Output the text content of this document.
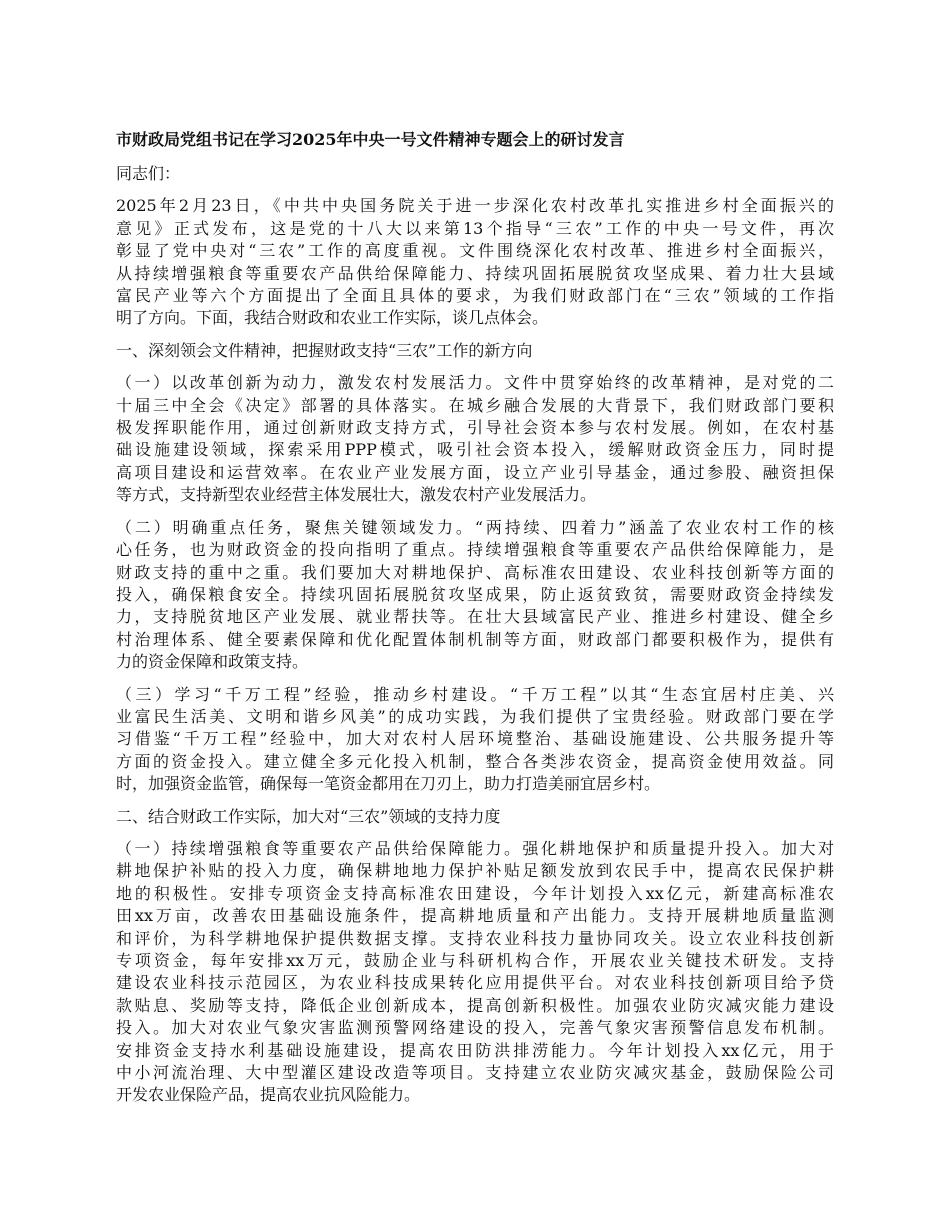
市财政局党组书记在学习2025年中央一号文件精神专题会上的研讨发言
同志们：
2025年2月23日，《中共中央国务院关于进一步深化农村改革扎实推进乡村全面振兴的
意见》正式发布，这是党的十八大以来第13个指导“三农”工作的中央一号文件，再次
彰显了党中央对“三农”工作的高度重视。文件围绕深化农村改革、推进乡村全面振兴，
从持续增强粮食等重要农产品供给保障能力、持续巩固拓展脱贫攻坚成果、着力壮大县域
富民产业等六个方面提出了全面且具体的要求，为我们财政部门在“三农”领域的工作指
明了方向。下面，我结合财政和农业工作实际，谈几点体会。
一、深刻领会文件精神，把握财政支持“三农”工作的新方向
（一）以改革创新为动力，激发农村发展活力。文件中贯穿始终的改革精神，是对党的二
十届三中全会《决定》部署的具体落实。在城乡融合发展的大背景下，我们财政部门要积
极发挥职能作用，通过创新财政支持方式，引导社会资本参与农村发展。例如，在农村基
础设施建设领域，探索采用PPP模式，吸引社会资本投入，缓解财政资金压力，同时提
高项目建设和运营效率。在农业产业发展方面，设立产业引导基金，通过参股、融资担保
等方式，支持新型农业经营主体发展壮大，激发农村产业发展活力。
（二）明确重点任务，聚焦关键领域发力。“两持续、四着力”涵盖了农业农村工作的核
心任务，也为财政资金的投向指明了重点。持续增强粮食等重要农产品供给保障能力，是
财政支持的重中之重。我们要加大对耕地保护、高标准农田建设、农业科技创新等方面的
投入，确保粮食安全。持续巩固拓展脱贫攻坚成果，防止返贫致贫，需要财政资金持续发
力，支持脱贫地区产业发展、就业帮扶等。在壮大县域富民产业、推进乡村建设、健全乡
村治理体系、健全要素保障和优化配置体制机制等方面，财政部门都要积极作为，提供有
力的资金保障和政策支持。
（三）学习“千万工程”经验，推动乡村建设。“千万工程”以其“生态宜居村庄美、兴
业富民生活美、文明和谐乡风美”的成功实践，为我们提供了宝贵经验。财政部门要在学
习借鉴“千万工程”经验中，加大对农村人居环境整治、基础设施建设、公共服务提升等
方面的资金投入。建立健全多元化投入机制，整合各类涉农资金，提高资金使用效益。同
时，加强资金监管，确保每一笔资金都用在刀刃上，助力打造美丽宜居乡村。
二、结合财政工作实际，加大对“三农”领域的支持力度
（一）持续增强粮食等重要农产品供给保障能力。强化耕地保护和质量提升投入。加大对
耕地保护补贴的投入力度，确保耕地地力保护补贴足额发放到农民手中，提高农民保护耕
地的积极性。安排专项资金支持高标准农田建设，今年计划投入xx亿元，新建高标准农
田xx万亩，改善农田基础设施条件，提高耕地质量和产出能力。支持开展耕地质量监测
和评价，为科学耕地保护提供数据支撑。支持农业科技力量协同攻关。设立农业科技创新
专项资金，每年安排xx万元，鼓励企业与科研机构合作，开展农业关键技术研发。支持
建设农业科技示范园区，为农业科技成果转化应用提供平台。对农业科技创新项目给予贷
款贴息、奖励等支持，降低企业创新成本，提高创新积极性。加强农业防灾减灾能力建设
投入。加大对农业气象灾害监测预警网络建设的投入，完善气象灾害预警信息发布机制。
安排资金支持水利基础设施建设，提高农田防洪排涝能力。今年计划投入xx亿元，用于
中小河流治理、大中型灌区建设改造等项目。支持建立农业防灾减灾基金，鼓励保险公司
开发农业保险产品，提高农业抗风险能力。
